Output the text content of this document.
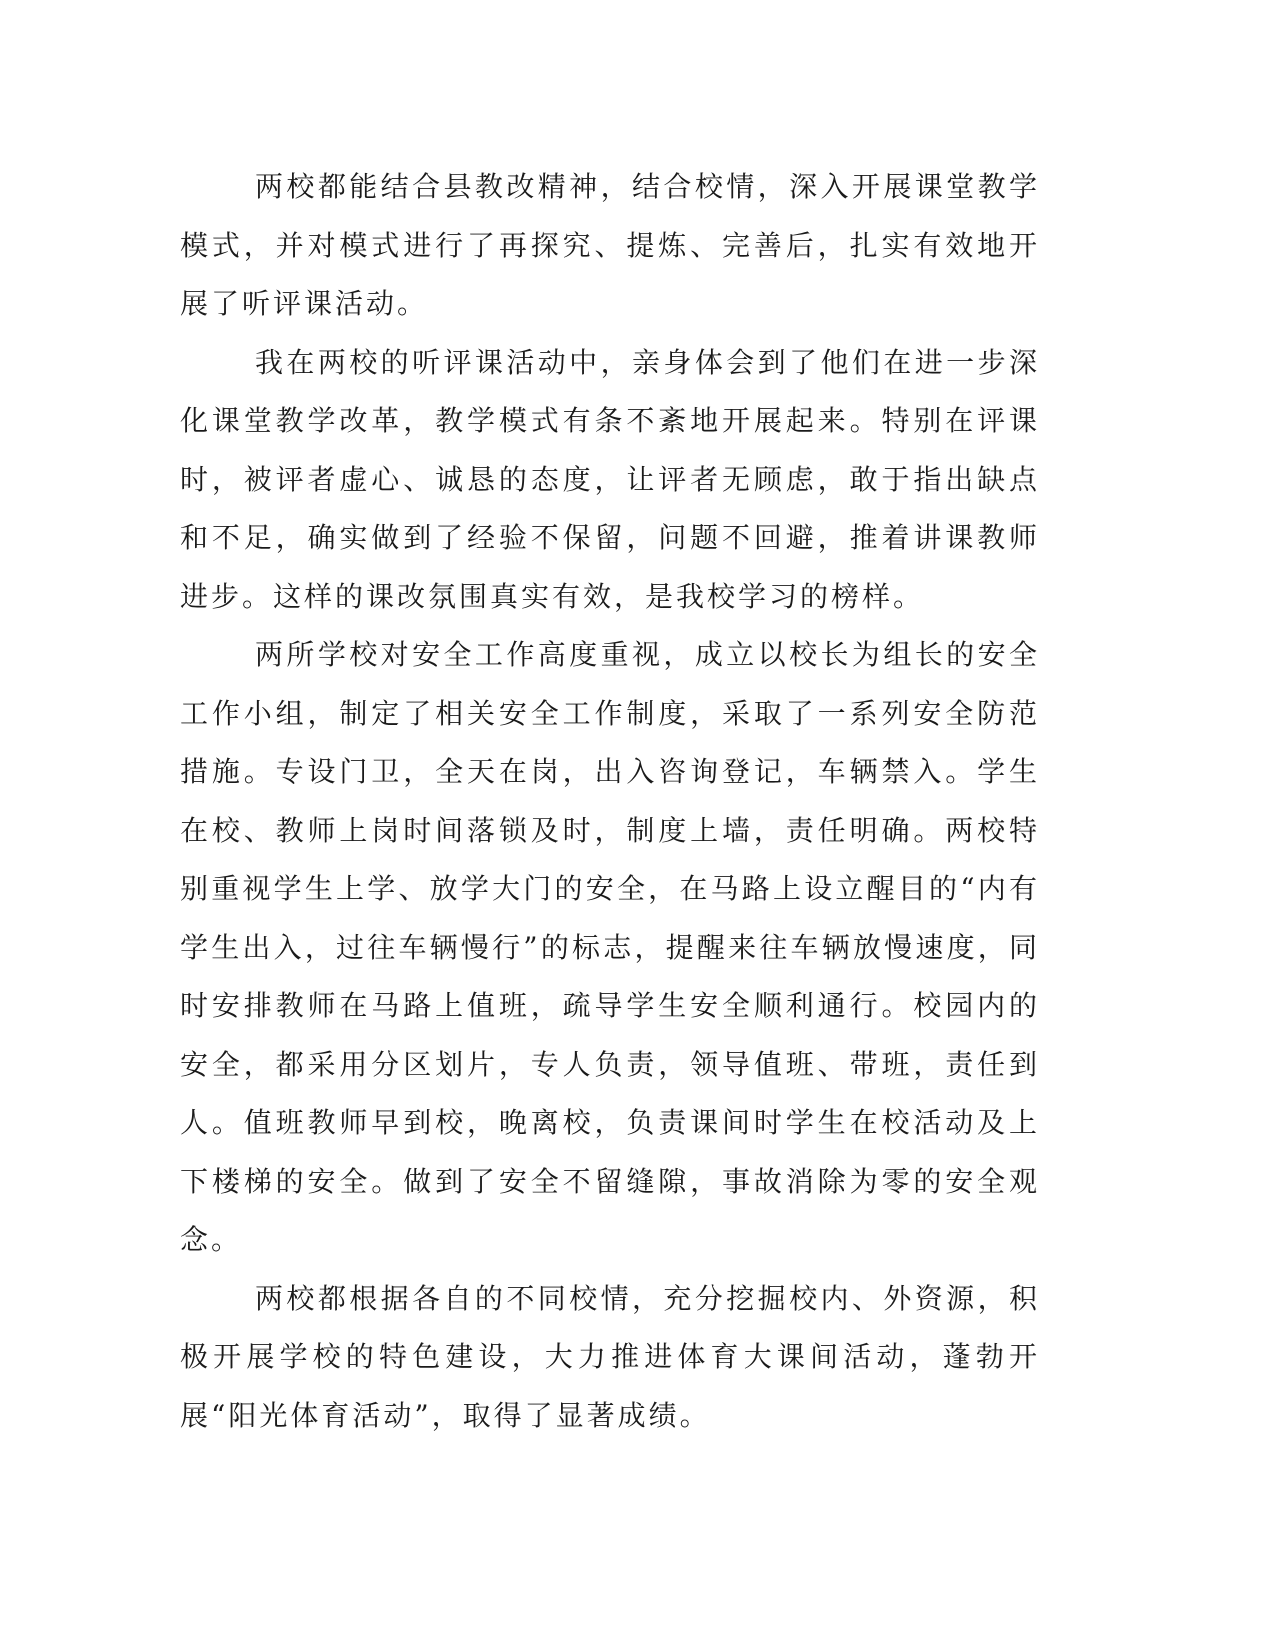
两校都能结合县教改精神，结合校情，深入开展课堂教学模式，并对模式进行了再探究、提炼、完善后，扎实有效地开展了听评课活动。

我在两校的听评课活动中，亲身体会到了他们在进一步深化课堂教学改革，教学模式有条不紊地开展起来。特别在评课时，被评者虚心、诚恳的态度，让评者无顾虑，敢于指出缺点和不足，确实做到了经验不保留，问题不回避，推着讲课教师进步。这样的课改氛围真实有效，是我校学习的榜样。

两所学校对安全工作高度重视，成立以校长为组长的安全工作小组，制定了相关安全工作制度，采取了一系列安全防范措施。专设门卫，全天在岗，出入咨询登记，车辆禁入。学生在校、教师上岗时间落锁及时，制度上墙，责任明确。两校特别重视学生上学、放学大门的安全，在马路上设立醒目的“内有学生出入，过往车辆慢行”的标志，提醒来往车辆放慢速度，同时安排教师在马路上值班，疏导学生安全顺利通行。校园内的安全，都采用分区划片，专人负责，领导值班、带班，责任到人。值班教师早到校，晚离校，负责课间时学生在校活动及上下楼梯的安全。做到了安全不留缝隙，事故消除为零的安全观念。

两校都根据各自的不同校情，充分挖掘校内、外资源，积极开展学校的特色建设，大力推进体育大课间活动，蓬勃开展“阳光体育活动”，取得了显著成绩。
